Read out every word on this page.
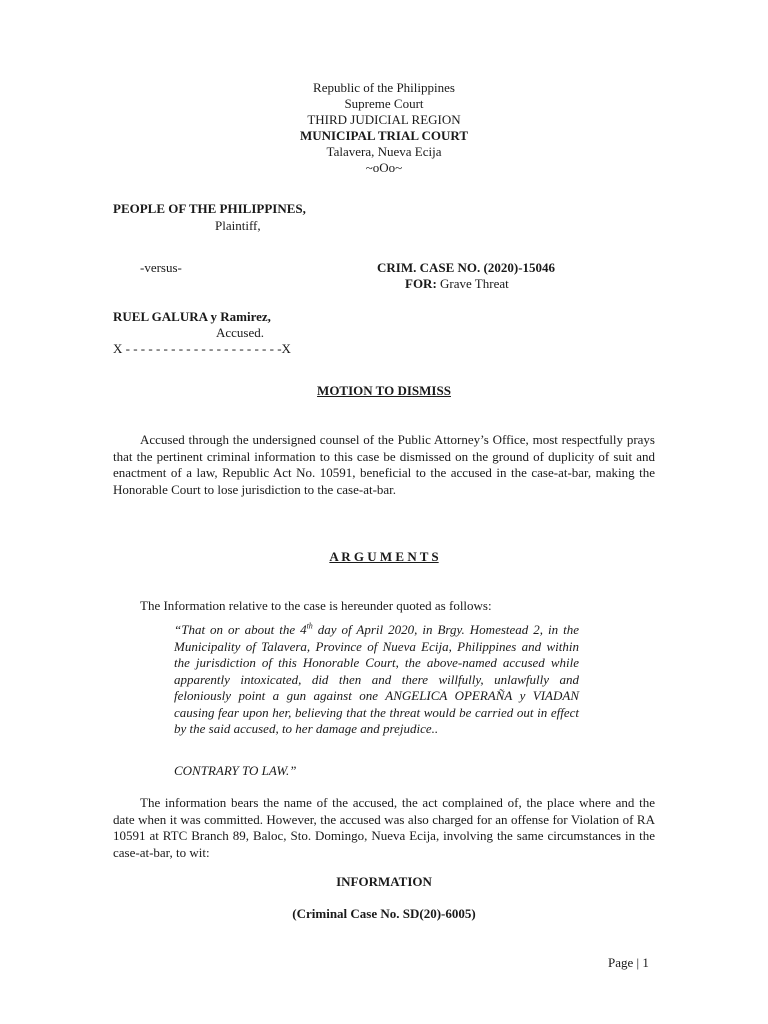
Republic of the Philippines
Supreme Court
THIRD JUDICIAL REGION
MUNICIPAL TRIAL COURT
Talavera, Nueva Ecija
~oOo~
PEOPLE OF THE PHILIPPINES,
Plaintiff,
-versus-	CRIM. CASE NO. (2020)-15046
FOR: Grave Threat
RUEL GALURA y Ramirez,
Accused.
X - - - - - - - - - - - - - - - - - - - - -X
MOTION TO DISMISS
Accused through the undersigned counsel of the Public Attorney’s Office, most respectfully prays that the pertinent criminal information to this case be dismissed on the ground of duplicity of suit and enactment of a law, Republic Act No. 10591, beneficial to the accused in the case-at-bar, making the Honorable Court to lose jurisdiction to the case-at-bar.
A R G U M E N T S
The Information relative to the case is hereunder quoted as follows:
“That on or about the 4th day of April 2020, in Brgy. Homestead 2, in the Municipality of Talavera, Province of Nueva Ecija, Philippines and within the jurisdiction of this Honorable Court, the above-named accused while apparently intoxicated, did then and there willfully, unlawfully and feloniously point a gun against one ANGELICA OPERAÑA y VIADAN causing fear upon her, believing that the threat would be carried out in effect by the said accused, to her damage and prejudice..
CONTRARY TO LAW.”
The information bears the name of the accused, the act complained of, the place where and the date when it was committed. However, the accused was also charged for an offense for Violation of RA 10591 at RTC Branch 89, Baloc, Sto. Domingo, Nueva Ecija, involving the same circumstances in the case-at-bar, to wit:
INFORMATION
(Criminal Case No. SD(20)-6005)
Page | 1
